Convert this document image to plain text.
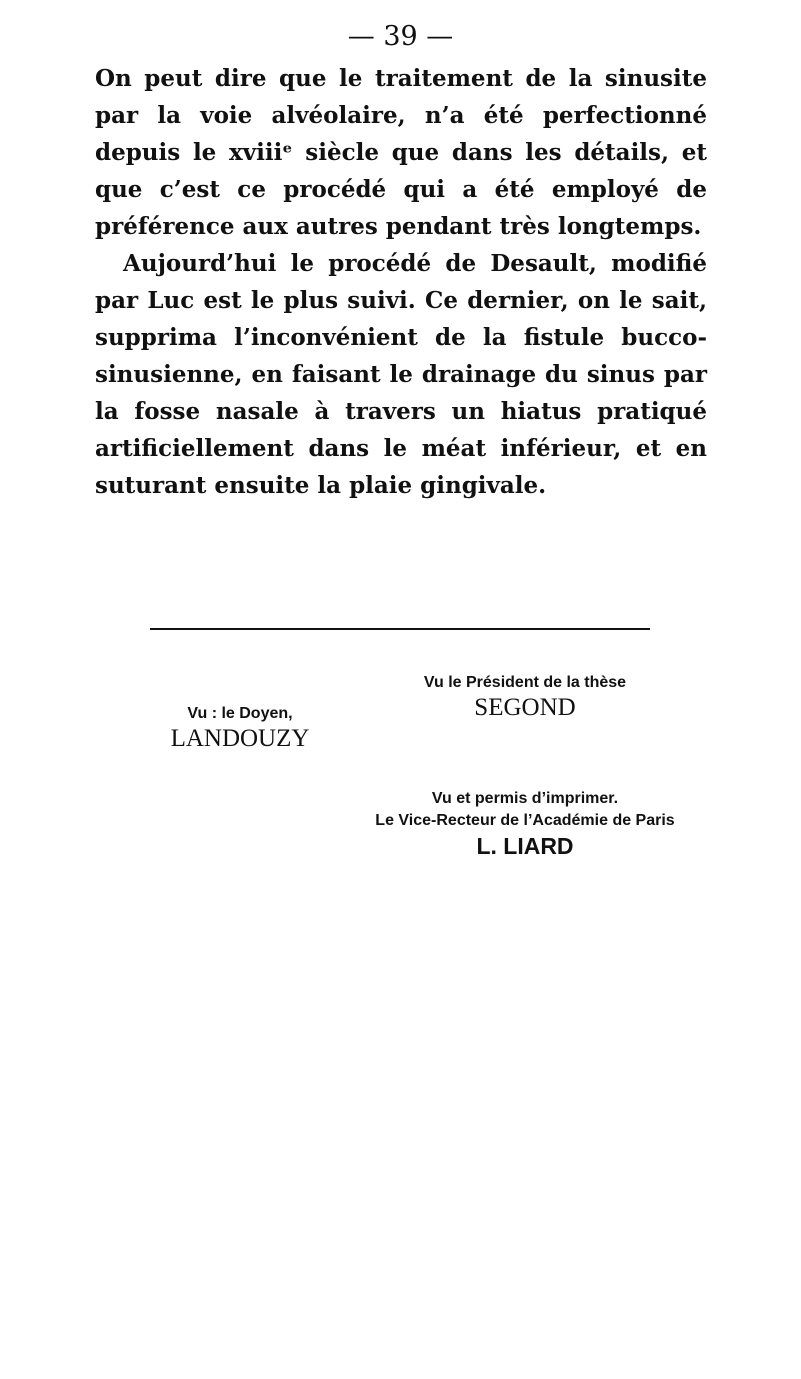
— 39 —

On peut dire que le traitement de la sinusite par la voie alvéolaire, n’a été perfectionné depuis le xviiiᵉ siècle que dans les détails, et que c’est ce procédé qui a été employé de préférence aux autres pendant très longtemps.

Aujourd’hui le procédé de Desault, modifié par Luc est le plus suivi. Ce dernier, on le sait, supprima l’inconvénient de la fistule bucco-sinusienne, en faisant le drainage du sinus par la fosse nasale à travers un hiatus pratiqué artificiellement dans le méat inférieur, et en suturant ensuite la plaie gingivale.

Vu le Président de la thèse
SEGOND
Vu : le Doyen,
LANDOUZY
Vu et permis d’imprimer.
Le Vice-Recteur de l’Académie de Paris
L. LIARD
